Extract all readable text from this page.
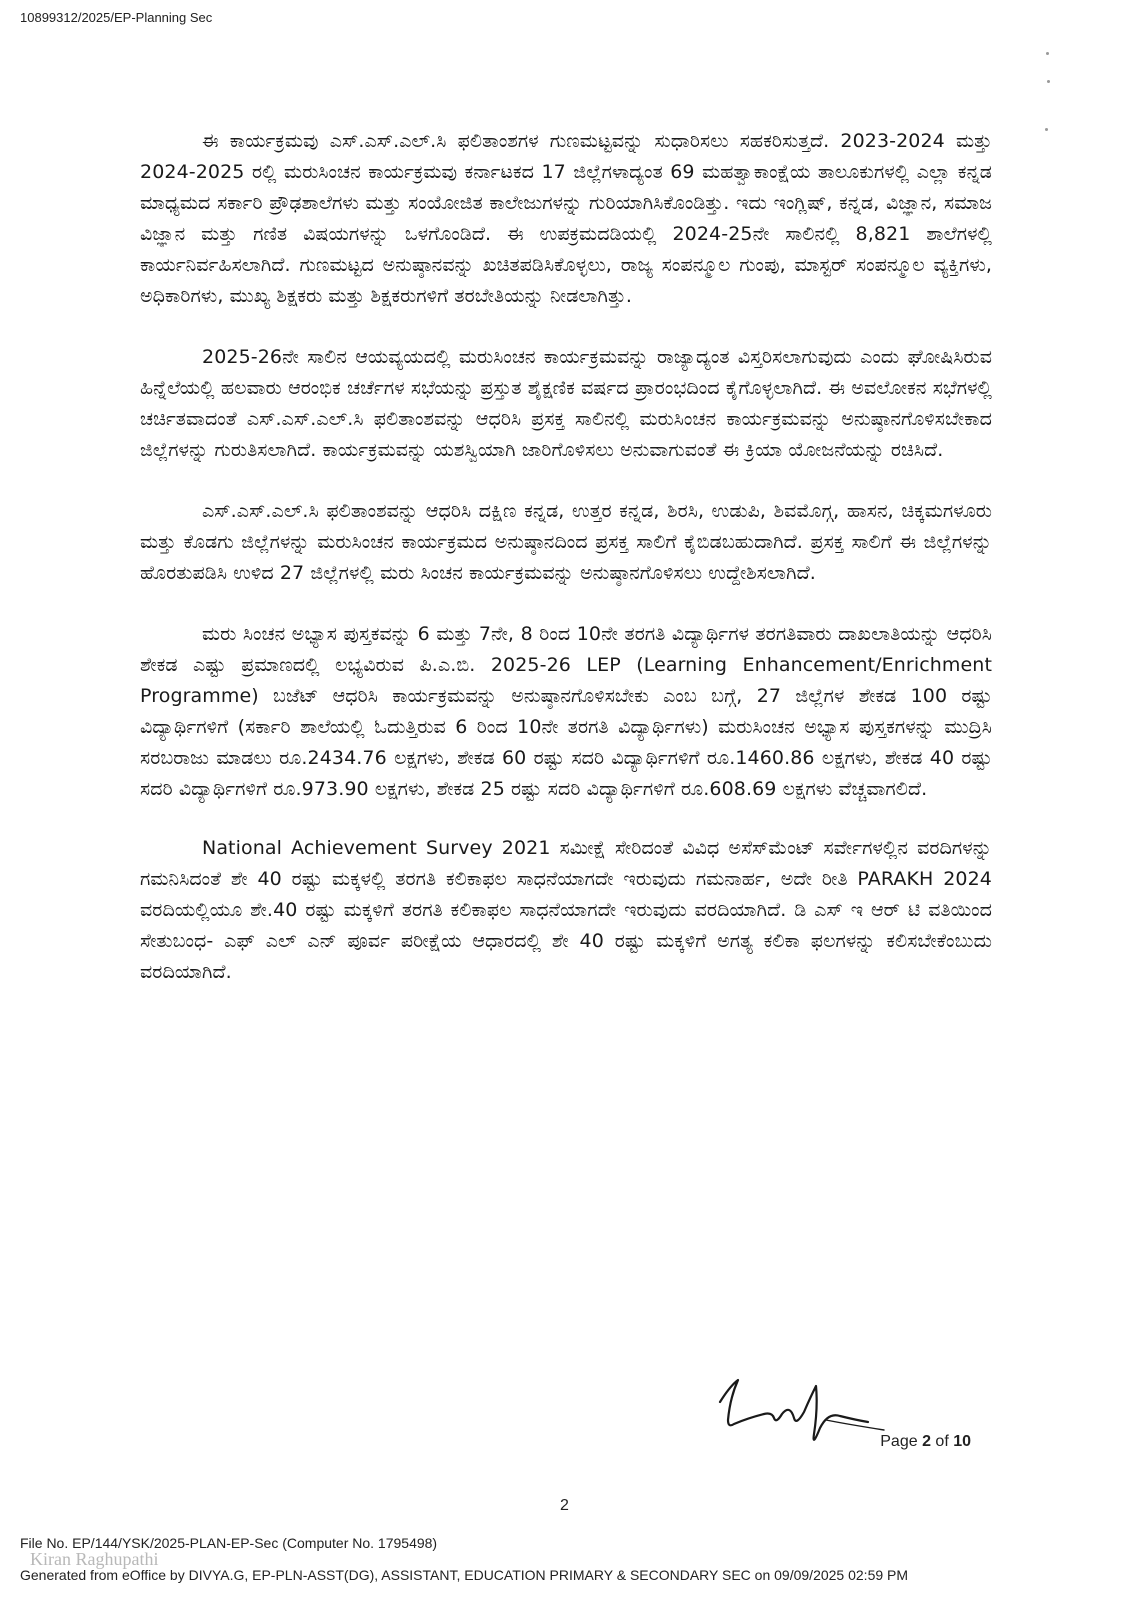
10899312/2025/EP-Planning Sec

ಈ ಕಾರ್ಯಕ್ರಮವು ಎಸ್.ಎಸ್.ಎಲ್.ಸಿ ಫಲಿತಾಂಶಗಳ ಗುಣಮಟ್ಟವನ್ನು ಸುಧಾರಿಸಲು ಸಹಕರಿಸುತ್ತದೆ. 2023-2024 ಮತ್ತು 2024-2025 ರಲ್ಲಿ ಮರುಸಿಂಚನ ಕಾರ್ಯಕ್ರಮವು ಕರ್ನಾಟಕದ 17 ಜಿಲ್ಲೆಗಳಾದ್ಯಂತ 69 ಮಹತ್ವಾಕಾಂಕ್ಷೆಯ ತಾಲೂಕುಗಳಲ್ಲಿ ಎಲ್ಲಾ ಕನ್ನಡ ಮಾಧ್ಯಮದ ಸರ್ಕಾರಿ ಪ್ರೌಢಶಾಲೆಗಳು ಮತ್ತು ಸಂಯೋಜಿತ ಕಾಲೇಜುಗಳನ್ನು ಗುರಿಯಾಗಿಸಿಕೊಂಡಿತ್ತು. ಇದು ಇಂಗ್ಲಿಷ್, ಕನ್ನಡ, ವಿಜ್ಞಾನ, ಸಮಾಜ ವಿಜ್ಞಾನ ಮತ್ತು ಗಣಿತ ವಿಷಯಗಳನ್ನು ಒಳಗೊಂಡಿದೆ. ಈ ಉಪಕ್ರಮದಡಿಯಲ್ಲಿ 2024-25ನೇ ಸಾಲಿನಲ್ಲಿ 8,821 ಶಾಲೆಗಳಲ್ಲಿ ಕಾರ್ಯನಿರ್ವಹಿಸಲಾಗಿದೆ. ಗುಣಮಟ್ಟದ ಅನುಷ್ಠಾನವನ್ನು ಖಚಿತಪಡಿಸಿಕೊಳ್ಳಲು, ರಾಜ್ಯ ಸಂಪನ್ಮೂಲ ಗುಂಪು, ಮಾಸ್ಟರ್ ಸಂಪನ್ಮೂಲ ವ್ಯಕ್ತಿಗಳು, ಅಧಿಕಾರಿಗಳು, ಮುಖ್ಯ ಶಿಕ್ಷಕರು ಮತ್ತು ಶಿಕ್ಷಕರುಗಳಿಗೆ ತರಬೇತಿಯನ್ನು ನೀಡಲಾಗಿತ್ತು.

2025-26ನೇ ಸಾಲಿನ ಆಯವ್ಯಯದಲ್ಲಿ ಮರುಸಿಂಚನ ಕಾರ್ಯಕ್ರಮವನ್ನು ರಾಜ್ಯಾದ್ಯಂತ ವಿಸ್ತರಿಸಲಾಗುವುದು ಎಂದು ಘೋಷಿಸಿರುವ ಹಿನ್ನೆಲೆಯಲ್ಲಿ ಹಲವಾರು ಆರಂಭಿಕ ಚರ್ಚೆಗಳ ಸಭೆಯನ್ನು ಪ್ರಸ್ತುತ ಶೈಕ್ಷಣಿಕ ವರ್ಷದ ಪ್ರಾರಂಭದಿಂದ ಕೈಗೊಳ್ಳಲಾಗಿದೆ. ಈ ಅವಲೋಕನ ಸಭೆಗಳಲ್ಲಿ ಚರ್ಚಿತವಾದಂತೆ ಎಸ್.ಎಸ್.ಎಲ್.ಸಿ ಫಲಿತಾಂಶವನ್ನು ಆಧರಿಸಿ ಪ್ರಸಕ್ತ ಸಾಲಿನಲ್ಲಿ ಮರುಸಿಂಚನ ಕಾರ್ಯಕ್ರಮವನ್ನು ಅನುಷ್ಠಾನಗೊಳಿಸಬೇಕಾದ ಜಿಲ್ಲೆಗಳನ್ನು ಗುರುತಿಸಲಾಗಿದೆ. ಕಾರ್ಯಕ್ರಮವನ್ನು ಯಶಸ್ವಿಯಾಗಿ ಜಾರಿಗೊಳಿಸಲು ಅನುವಾಗುವಂತೆ ಈ ಕ್ರಿಯಾ ಯೋಜನೆಯನ್ನು ರಚಿಸಿದೆ.

ಎಸ್.ಎಸ್.ಎಲ್.ಸಿ ಫಲಿತಾಂಶವನ್ನು ಆಧರಿಸಿ ದಕ್ಷಿಣ ಕನ್ನಡ, ಉತ್ತರ ಕನ್ನಡ, ಶಿರಸಿ, ಉಡುಪಿ, ಶಿವಮೊಗ್ಗ, ಹಾಸನ, ಚಿಕ್ಕಮಗಳೂರು ಮತ್ತು ಕೊಡಗು ಜಿಲ್ಲೆಗಳನ್ನು ಮರುಸಿಂಚನ ಕಾರ್ಯಕ್ರಮದ ಅನುಷ್ಠಾನದಿಂದ ಪ್ರಸಕ್ತ ಸಾಲಿಗೆ ಕೈಬಿಡಬಹುದಾಗಿದೆ. ಪ್ರಸಕ್ತ ಸಾಲಿಗೆ ಈ ಜಿಲ್ಲೆಗಳನ್ನು ಹೊರತುಪಡಿಸಿ ಉಳಿದ 27 ಜಿಲ್ಲೆಗಳಲ್ಲಿ ಮರು ಸಿಂಚನ ಕಾರ್ಯಕ್ರಮವನ್ನು ಅನುಷ್ಠಾನಗೊಳಿಸಲು ಉದ್ದೇಶಿಸಲಾಗಿದೆ.

ಮರು ಸಿಂಚನ ಅಭ್ಯಾಸ ಪುಸ್ತಕವನ್ನು 6 ಮತ್ತು 7ನೇ, 8 ರಿಂದ 10ನೇ ತರಗತಿ ವಿದ್ಯಾರ್ಥಿಗಳ ತರಗತಿವಾರು ದಾಖಲಾತಿಯನ್ನು ಆಧರಿಸಿ ಶೇಕಡ ಎಷ್ಟು ಪ್ರಮಾಣದಲ್ಲಿ ಲಭ್ಯವಿರುವ ಪಿ.ಎ.ಬಿ. 2025-26 LEP (Learning Enhancement/Enrichment Programme) ಬಜೆಟ್ ಆಧರಿಸಿ ಕಾರ್ಯಕ್ರಮವನ್ನು ಅನುಷ್ಠಾನಗೊಳಿಸಬೇಕು ಎಂಬ ಬಗ್ಗೆ, 27 ಜಿಲ್ಲೆಗಳ ಶೇಕಡ 100 ರಷ್ಟು ವಿದ್ಯಾರ್ಥಿಗಳಿಗೆ (ಸರ್ಕಾರಿ ಶಾಲೆಯಲ್ಲಿ ಓದುತ್ತಿರುವ 6 ರಿಂದ 10ನೇ ತರಗತಿ ವಿದ್ಯಾರ್ಥಿಗಳು) ಮರುಸಿಂಚನ ಅಭ್ಯಾಸ ಪುಸ್ತಕಗಳನ್ನು ಮುದ್ರಿಸಿ ಸರಬರಾಜು ಮಾಡಲು ರೂ.2434.76 ಲಕ್ಷಗಳು, ಶೇಕಡ 60 ರಷ್ಟು ಸದರಿ ವಿದ್ಯಾರ್ಥಿಗಳಿಗೆ ರೂ.1460.86 ಲಕ್ಷಗಳು, ಶೇಕಡ 40 ರಷ್ಟು ಸದರಿ ವಿದ್ಯಾರ್ಥಿಗಳಿಗೆ ರೂ.973.90 ಲಕ್ಷಗಳು, ಶೇಕಡ 25 ರಷ್ಟು ಸದರಿ ವಿದ್ಯಾರ್ಥಿಗಳಿಗೆ ರೂ.608.69 ಲಕ್ಷಗಳು ವೆಚ್ಚವಾಗಲಿದೆ.

National Achievement Survey 2021 ಸಮೀಕ್ಷೆ ಸೇರಿದಂತೆ ವಿವಿಧ ಅಸೆಸ್‌ಮೆಂಟ್ ಸರ್ವೇಗಳಲ್ಲಿನ ವರದಿಗಳನ್ನು ಗಮನಿಸಿದಂತೆ ಶೇ 40 ರಷ್ಟು ಮಕ್ಕಳಲ್ಲಿ ತರಗತಿ ಕಲಿಕಾಫಲ ಸಾಧನೆಯಾಗದೇ ಇರುವುದು ಗಮನಾರ್ಹ, ಅದೇ ರೀತಿ PARAKH 2024 ವರದಿಯಲ್ಲಿಯೂ ಶೇ.40 ರಷ್ಟು ಮಕ್ಕಳಿಗೆ ತರಗತಿ ಕಲಿಕಾಫಲ ಸಾಧನೆಯಾಗದೇ ಇರುವುದು ವರದಿಯಾಗಿದೆ. ಡಿ ಎಸ್ ಇ ಆರ್ ಟಿ ವತಿಯಿಂದ ಸೇತುಬಂಧ- ಎಫ್ ಎಲ್ ಎನ್ ಪೂರ್ವ ಪರೀಕ್ಷೆಯ ಆಧಾರದಲ್ಲಿ ಶೇ 40 ರಷ್ಟು ಮಕ್ಕಳಿಗೆ ಅಗತ್ಯ ಕಲಿಕಾ ಫಲಗಳನ್ನು ಕಲಿಸಬೇಕೆಂಬುದು ವರದಿಯಾಗಿದೆ.

Page 2 of 10
2
File No. EP/144/YSK/2025-PLAN-EP-Sec (Computer No. 1795498)
Kiran Raghupathi
Generated from eOffice by DIVYA.G, EP-PLN-ASST(DG), ASSISTANT, EDUCATION PRIMARY & SECONDARY SEC on 09/09/2025 02:59 PM
